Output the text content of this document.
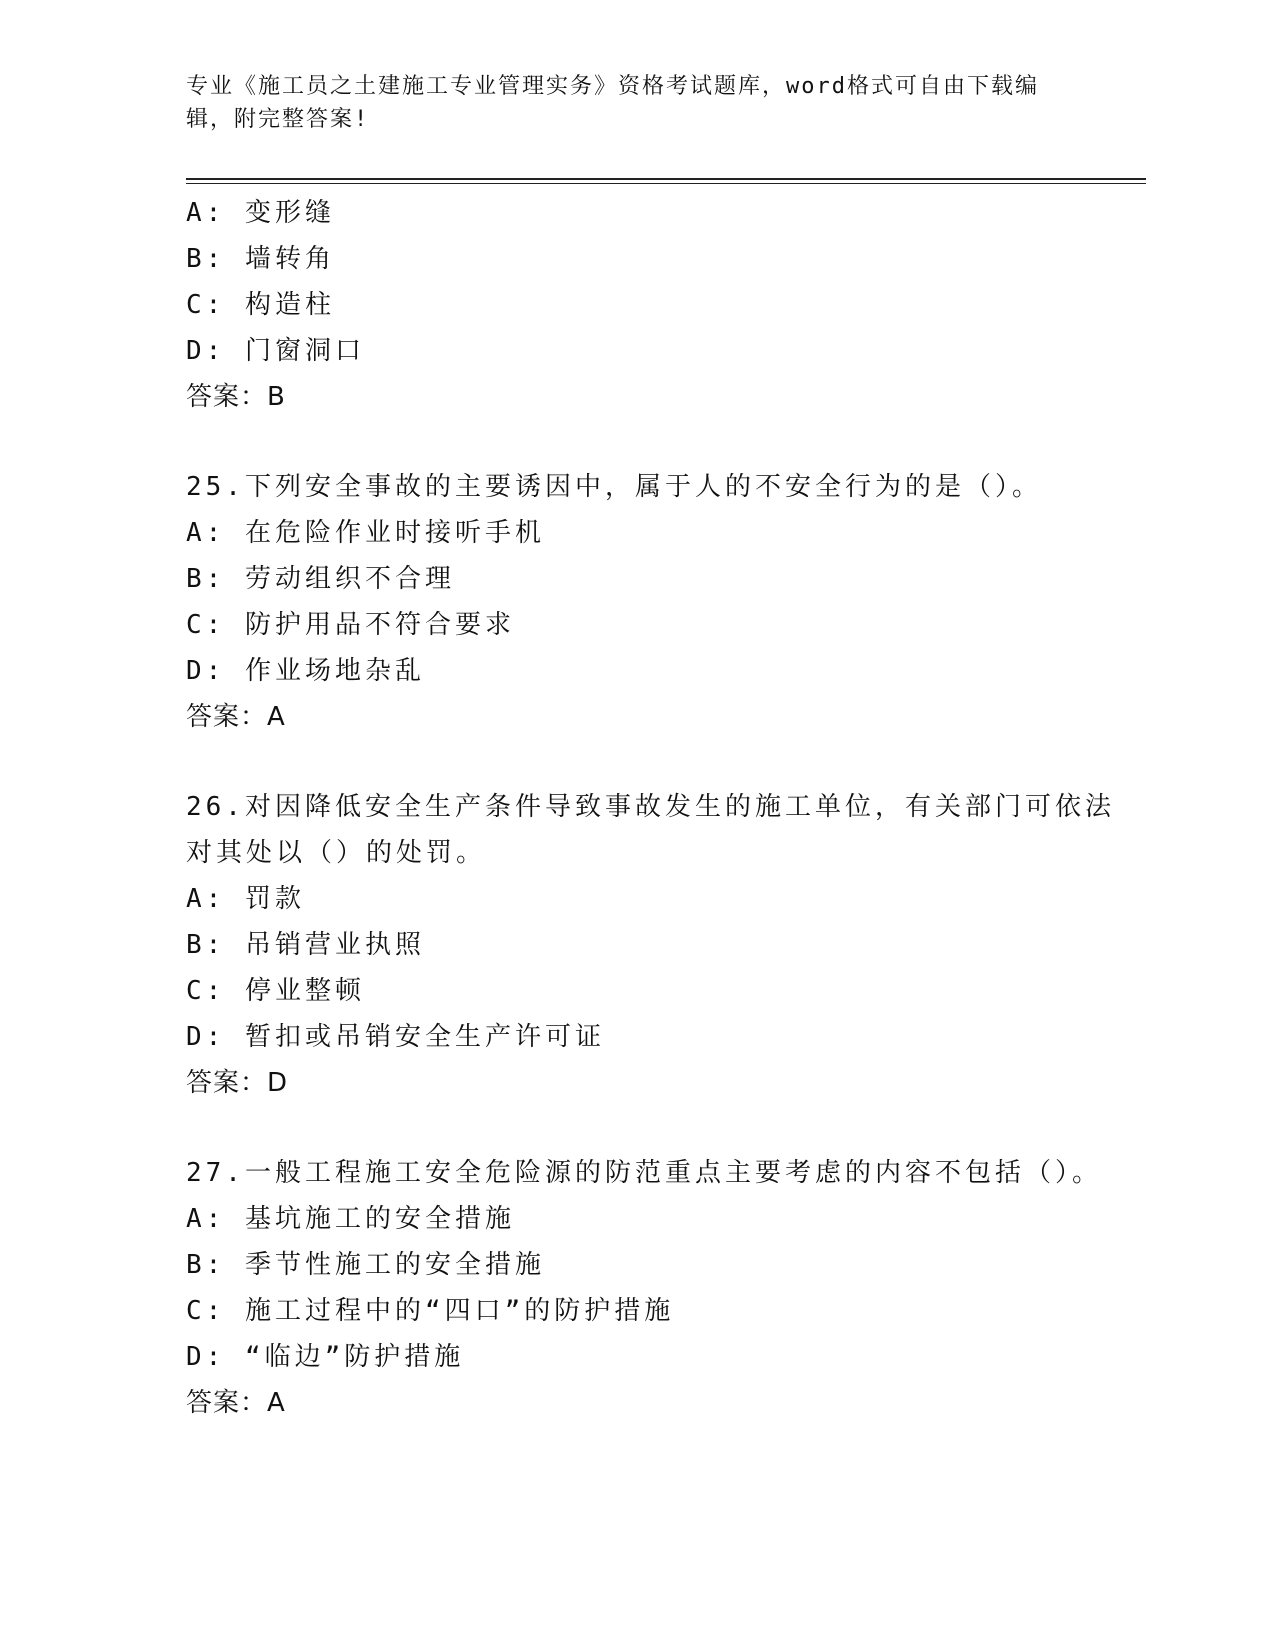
专业《施工员之土建施工专业管理实务》资格考试题库，word格式可自由下载编
辑，附完整答案!
A: 变形缝
B: 墙转角
C: 构造柱
D: 门窗洞口
答案：B
25.下列安全事故的主要诱因中，属于人的不安全行为的是（）。
A: 在危险作业时接听手机
B: 劳动组织不合理
C: 防护用品不符合要求
D: 作业场地杂乱
答案：A
26.对因降低安全生产条件导致事故发生的施工单位，有关部门可依法
对其处以（）的处罚。
A: 罚款
B: 吊销营业执照
C: 停业整顿
D: 暂扣或吊销安全生产许可证
答案：D
27.一般工程施工安全危险源的防范重点主要考虑的内容不包括（）。
A: 基坑施工的安全措施
B: 季节性施工的安全措施
C: 施工过程中的“四口”的防护措施
D: “临边”防护措施
答案：A
